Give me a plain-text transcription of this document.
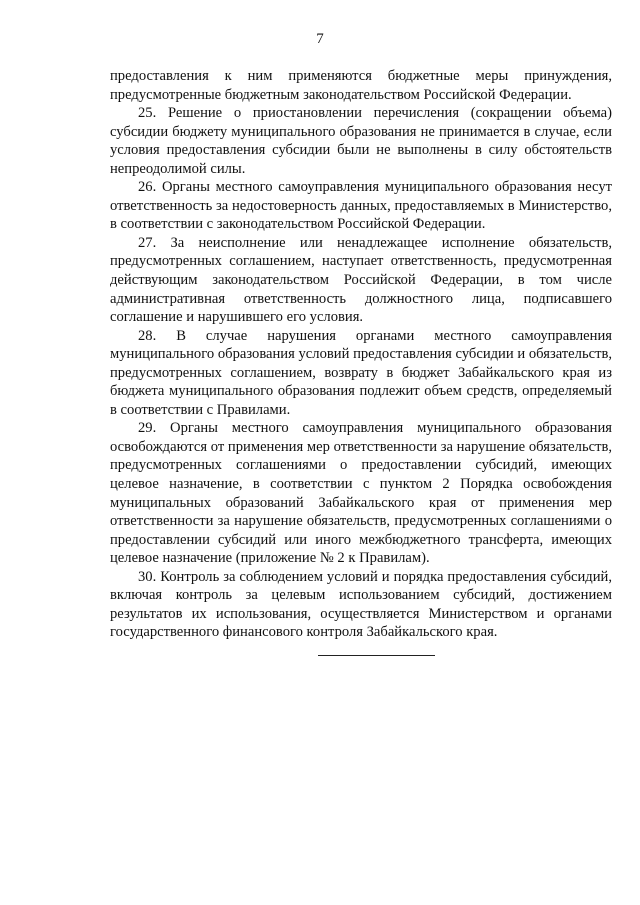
7

предоставления к ним применяются бюджетные меры принуждения, предусмотренные бюджетным законодательством Российской Федерации.

25. Решение о приостановлении перечисления (сокращении объема) субсидии бюджету муниципального образования не принимается в случае, если условия предоставления субсидии были не выполнены в силу обстоятельств непреодолимой силы.

26. Органы местного самоуправления муниципального образования несут ответственность за недостоверность данных, предоставляемых в Министерство, в соответствии с законодательством Российской Федерации.

27. За неисполнение или ненадлежащее исполнение обязательств, предусмотренных соглашением, наступает ответственность, предусмотренная действующим законодательством Российской Федерации, в том числе административная ответственность должностного лица, подписавшего соглашение и нарушившего его условия.

28. В случае нарушения органами местного самоуправления муниципального образования условий предоставления субсидии и обязательств, предусмотренных соглашением, возврату в бюджет Забайкальского края из бюджета муниципального образования подлежит объем средств, определяемый в соответствии с Правилами.

29. Органы местного самоуправления муниципального образования освобождаются от применения мер ответственности за нарушение обязательств, предусмотренных соглашениями о предоставлении субсидий, имеющих целевое назначение, в соответствии с пунктом 2 Порядка освобождения муниципальных образований Забайкальского края от применения мер ответственности за нарушение обязательств, предусмотренных соглашениями о предоставлении субсидий или иного межбюджетного трансферта, имеющих целевое назначение (приложение № 2 к Правилам).

30. Контроль за соблюдением условий и порядка предоставления субсидий, включая контроль за целевым использованием субсидий, достижением результатов их использования, осуществляется Министерством и органами государственного финансового контроля Забайкальского края.
